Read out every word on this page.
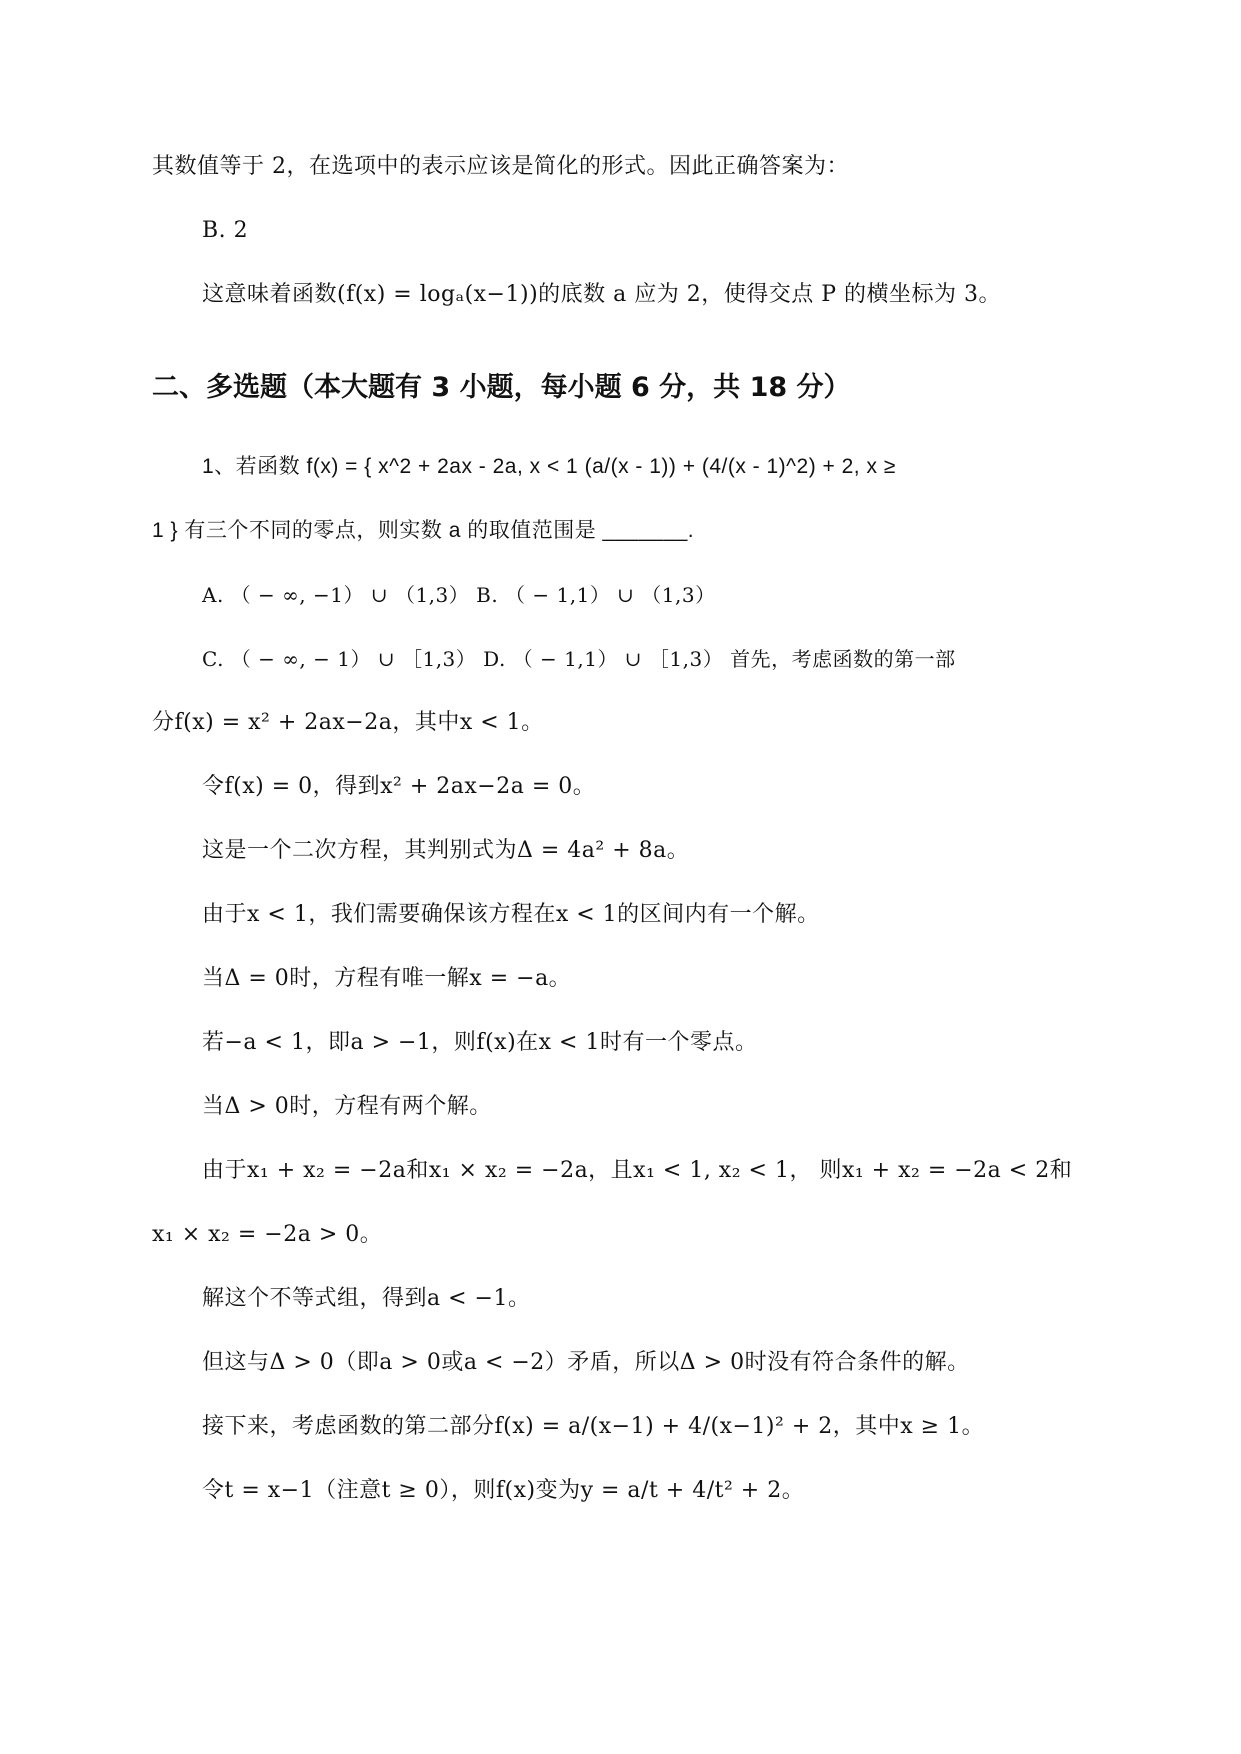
其数值等于 2，在选项中的表示应该是简化的形式。因此正确答案为：
B. 2
这意味着函数(f(x) = logₐ(x−1))的底数 a 应为 2，使得交点 P 的横坐标为 3。
二、多选题（本大题有 3 小题，每小题 6 分，共 18 分）
1、若函数 f(x) = { x^2 + 2ax - 2a, x < 1 (a/(x - 1)) + (4/(x - 1)^2) + 2, x ≥
1 } 有三个不同的零点，则实数 a 的取值范围是 _______.
A. （ − ∞, −1） ∪ （1,3） B. （ − 1,1） ∪ （1,3）
C. （ − ∞, − 1） ∪ ［1,3） D. （ − 1,1） ∪ ［1,3） 首先，考虑函数的第一部
分f(x) = x² + 2ax−2a，其中x < 1。
令f(x) = 0，得到x² + 2ax−2a = 0。
这是一个二次方程，其判别式为Δ = 4a² + 8a。
由于x < 1，我们需要确保该方程在x < 1的区间内有一个解。
当Δ = 0时，方程有唯一解x = −a。
若−a < 1，即a > −1，则f(x)在x < 1时有一个零点。
当Δ > 0时，方程有两个解。
由于x₁ + x₂ = −2a和x₁ × x₂ = −2a，且x₁ < 1, x₂ < 1， 则x₁ + x₂ = −2a < 2和
x₁ × x₂ = −2a > 0。
解这个不等式组，得到a < −1。
但这与Δ > 0（即a > 0或a < −2）矛盾，所以Δ > 0时没有符合条件的解。
接下来，考虑函数的第二部分f(x) = a/(x−1) + 4/(x−1)² + 2，其中x ≥ 1。
令t = x−1（注意t ≥ 0），则f(x)变为y = a/t + 4/t² + 2。
